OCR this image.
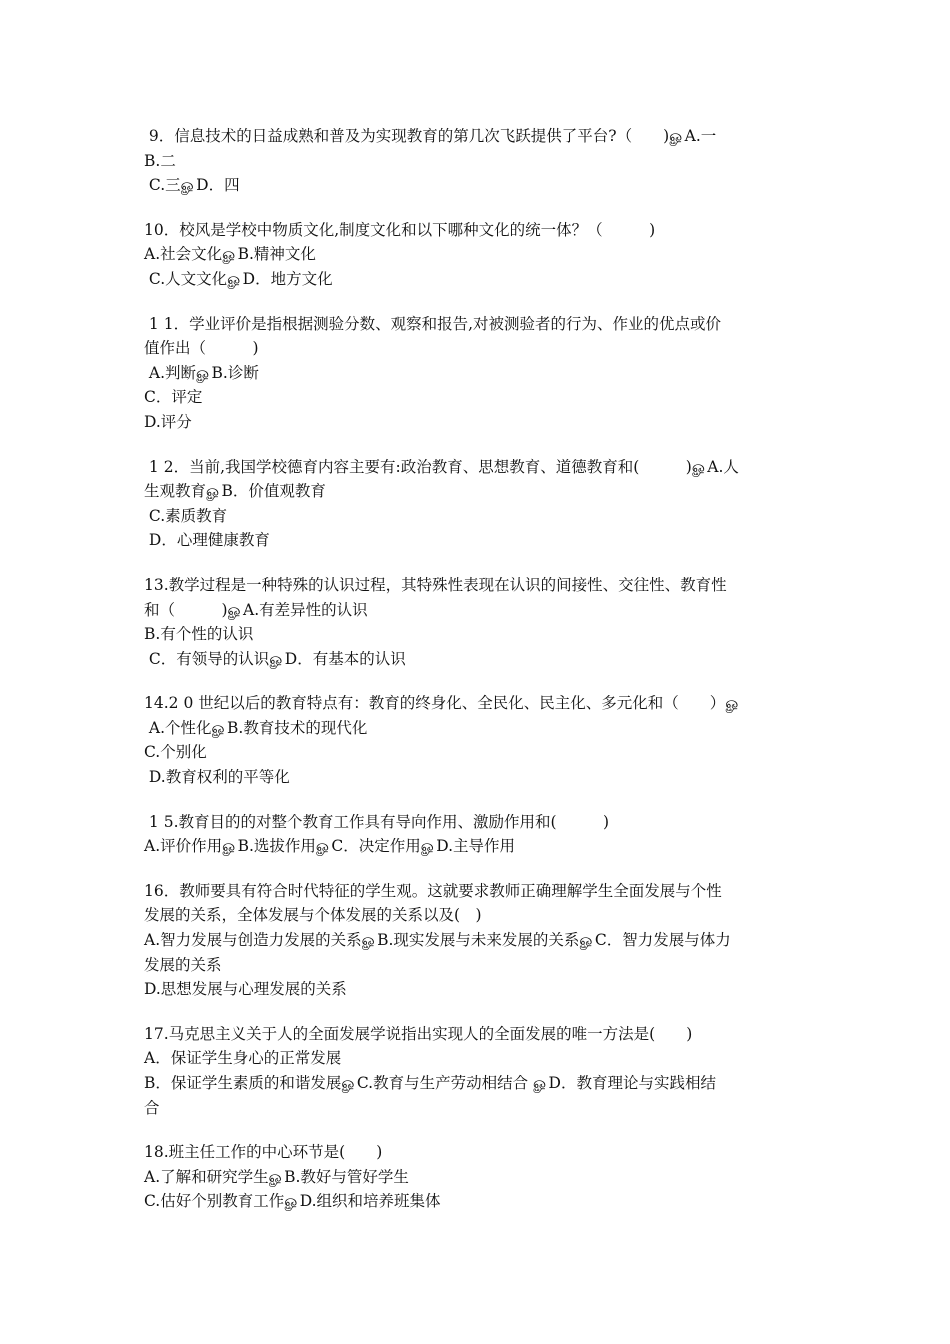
9．信息技术的日益成熟和普及为实现教育的第几次飞跃提供了平台?（　　)ௐA.一
B.二
C.三ௐD．四
10．校风是学校中物质文化,制度文化和以下哪种文化的统一体？（　　　)
A.社会文化ௐB.精神文化
C.人文文化ௐD．地方文化
1 1．学业评价是指根据测验分数、观察和报告,对被测验者的行为、作业的优点或价
值作出（　　　)
A.判断ௐB.诊断
C．评定
D.评分
1 2．当前,我国学校德育内容主要有:政治教育、思想教育、道德教育和(　　　)ௐA.人
生观教育ௐB．价值观教育
C.素质教育
D．心理健康教育
13.教学过程是一种特殊的认识过程，其特殊性表现在认识的间接性、交往性、教育性
和（　　　)ௐA.有差异性的认识
B.有个性的认识
C．有领导的认识ௐD．有基本的认识
14.2 0 世纪以后的教育特点有：教育的终身化、全民化、民主化、多元化和（　　）ௐ
A.个性化ௐB.教育技术的现代化
C.个别化
D.教育权利的平等化
1 5.教育目的的对整个教育工作具有导向作用、激励作用和(　　　)
A.评价作用ௐB.选拔作用ௐC．决定作用ௐD.主导作用
16．教师要具有符合时代特征的学生观。这就要求教师正确理解学生全面发展与个性
发展的关系，全体发展与个体发展的关系以及(　)
A.智力发展与创造力发展的关系ௐB.现实发展与未来发展的关系ௐC．智力发展与体力
发展的关系
D.思想发展与心理发展的关系
17.马克思主义关于人的全面发展学说指出实现人的全面发展的唯一方法是(　　)
A．保证学生身心的正常发展
B．保证学生素质的和谐发展ௐC.教育与生产劳动相结合 ௐD．教育理论与实践相结
合
18.班主任工作的中心环节是(　　)
A.了解和研究学生ௐB.教好与管好学生
C.估好个别教育工作ௐD.组织和培养班集体
